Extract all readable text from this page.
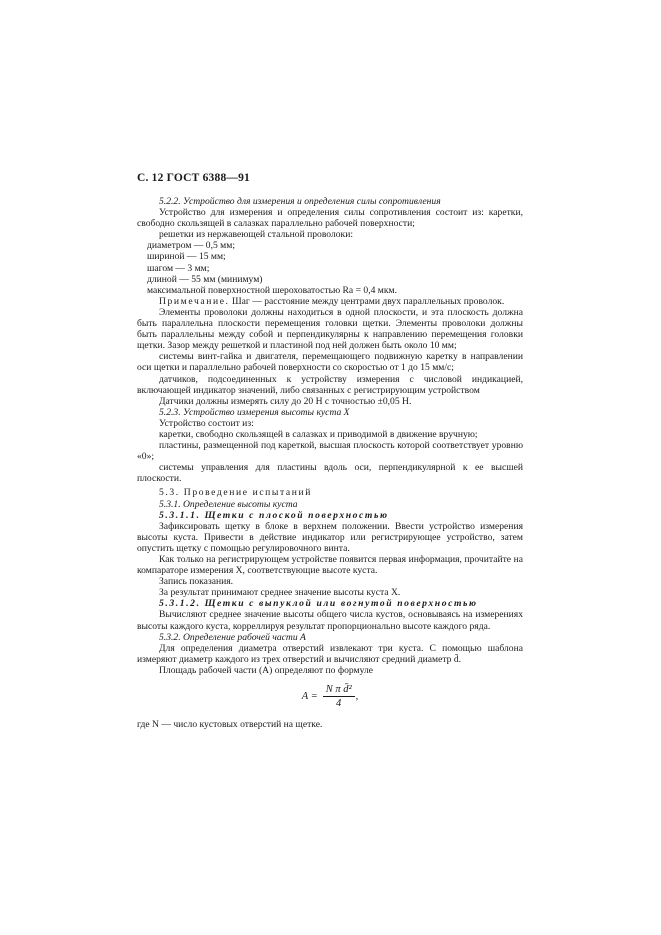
С. 12 ГОСТ 6388—91

5.2.2. Устройство для измерения и определения силы сопротивления

Устройство для измерения и определения силы сопротивления состоит из: каретки, свободно скользящей в салазках параллельно рабочей поверхности;

решетки из нержавеющей стальной проволоки:

диаметром — 0,5 мм;

шириной — 15 мм;

шагом — 3 мм;

длиной — 55 мм (минимум)

максимальной поверхностной шероховатостью Ra = 0,4 мкм.

Примечание. Шаг — расстояние между центрами двух параллельных проволок.

Элементы проволоки должны находиться в одной плоскости, и эта плоскость должна быть параллельна плоскости перемещения головки щетки. Элементы проволоки должны быть параллельны между собой и перпендикулярны к направлению перемещения головки щетки. Зазор между решеткой и пластиной под ней должен быть около 10 мм;

системы винт-гайка и двигателя, перемещающего подвижную каретку в направлении оси щетки и параллельно рабочей поверхности со скоростью от 1 до 15 мм/с;

датчиков, подсоединенных к устройству измерения с числовой индикацией, включающей индикатор значений, либо связанных с регистрирующим устройством

Датчики должны измерять силу до 20 Н с точностью ±0,05 Н.

5.2.3. Устройство измерения высоты куста X

Устройство состоит из:

каретки, свободно скользящей в салазках и приводимой в движение вручную;

пластины, размещенной под кареткой, высшая плоскость которой соответствует уровню «0»;

системы управления для пластины вдоль оси, перпендикулярной к ее высшей плоскости.

5.3. Проведение испытаний

5.3.1. Определение высоты куста

5.3.1.1. Щетки с плоской поверхностью

Зафиксировать щетку в блоке в верхнем положении. Ввести устройство измерения высоты куста. Привести в действие индикатор или регистрирующее устройство, затем опустить щетку с помощью регулировочного винта.

Как только на регистрирующем устройстве появится первая информация, прочитайте на компараторе измерения X, соответствующие высоте куста.

Запись показания.

За результат принимают среднее значение высоты куста X.

5.3.1.2. Щетки с выпуклой или вогнутой поверхностью

Вычисляют среднее значение высоты общего числа кустов, основываясь на измерениях высоты каждого куста, корреллируя результат пропорционально высоте каждого ряда.

5.3.2. Определение рабочей части A

Для определения диаметра отверстий извлекают три куста. С помощью шаблона измеряют диаметр каждого из трех отверстий и вычисляют средний диаметр d̄.

Площадь рабочей части (A) определяют по формуле

$A = \frac{\text{N π d̄²}}{4}$ ,

где N — число кустовых отверстий на щетке.
